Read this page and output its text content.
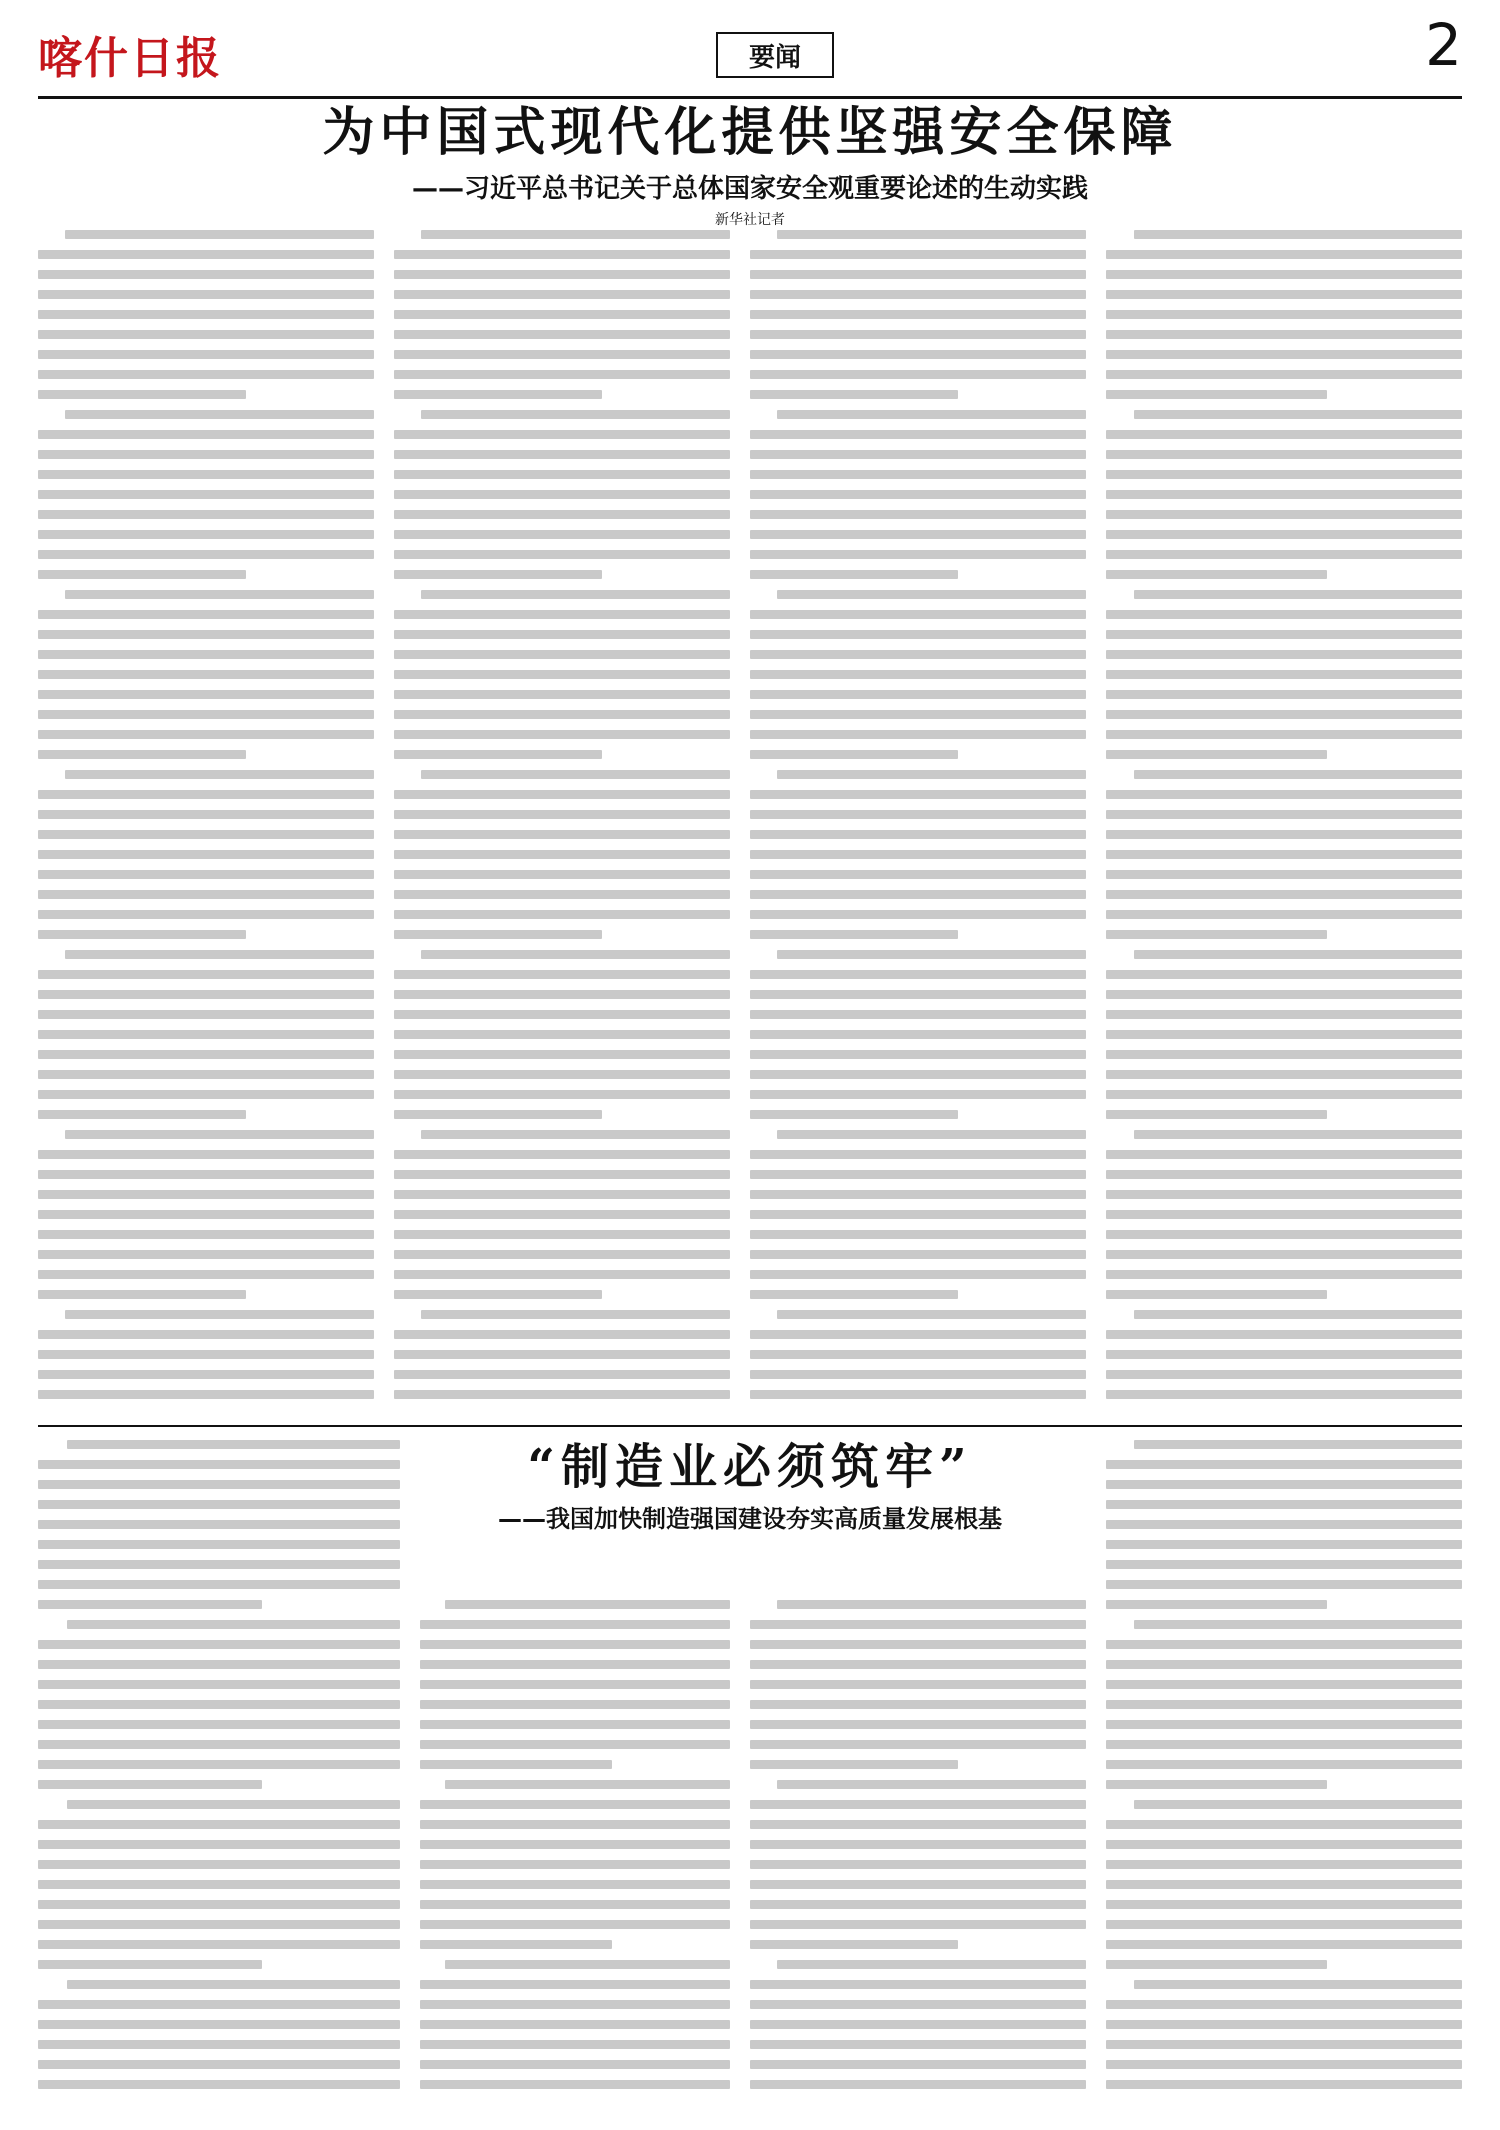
喀什日报	要闻	2
为中国式现代化提供坚强安全保障
——习近平总书记关于总体国家安全观重要论述的生动实践
新华社记者
“制造业必须筑牢”
——我国加快制造强国建设夯实高质量发展根基
